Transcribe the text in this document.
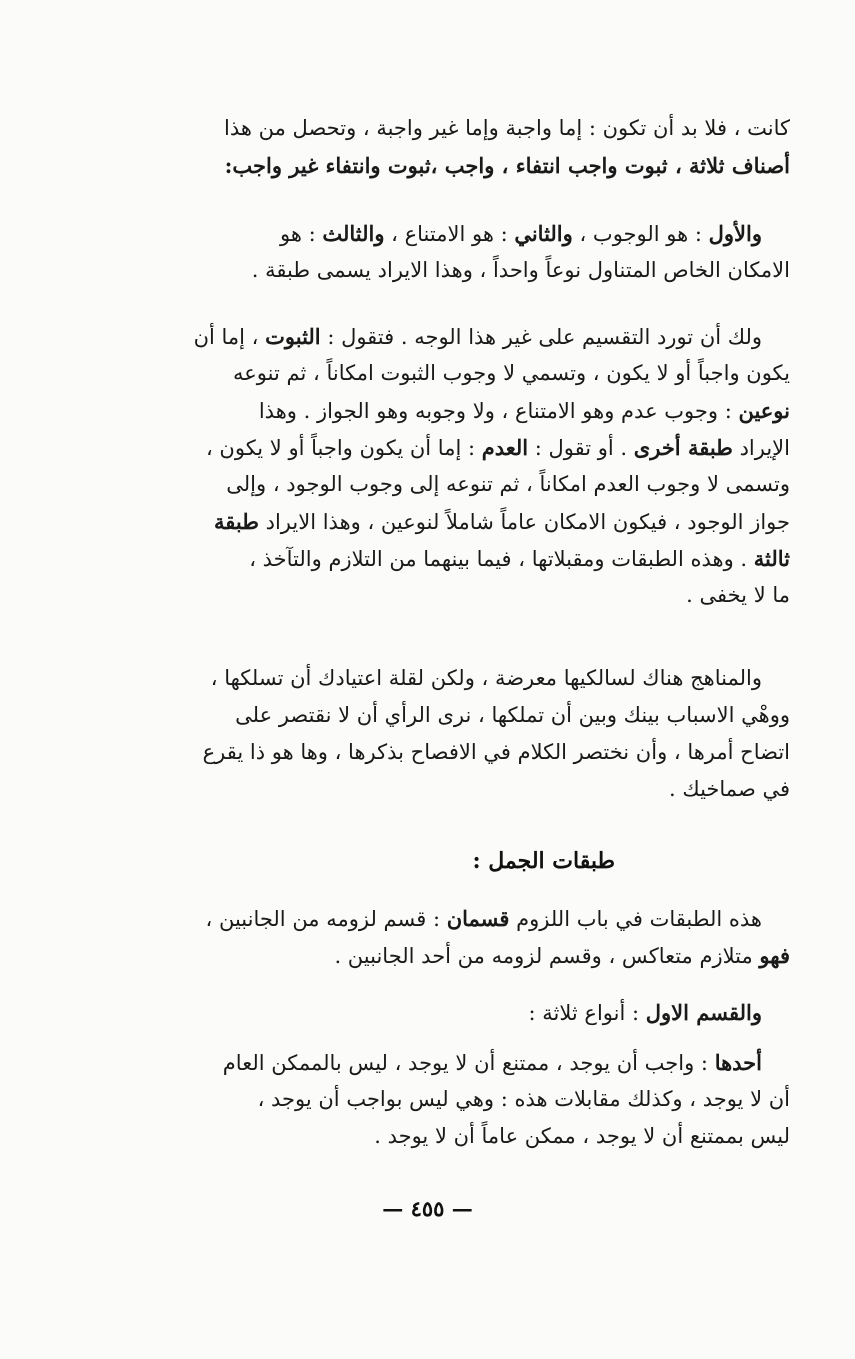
كانت ، فلا بد أن تكون : إما واجبة وإما غير واجبة ، وتحصل من هذا
أصناف ثلاثة ، ثبوت واجب انتفاء ، واجب ،ثبوت وانتفاء غير واجب:
والأول : هو الوجوب ، والثاني : هو الامتناع ، والثالث : هو
الامكان الخاص المتناول نوعاً واحداً ، وهذا الايراد يسمى طبقة .
ولك أن تورد التقسيم على غير هذا الوجه . فتقول : الثبوت ، إما أن
يكون واجباً أو لا يكون ، وتسمي لا وجوب الثبوت امكاناً ، ثم تنوعه
نوعين : وجوب عدم وهو الامتناع ، ولا وجوبه وهو الجواز . وهذا
الإيراد طبقة أخرى . أو تقول : العدم : إما أن يكون واجباً أو لا يكون ،
وتسمى لا وجوب العدم امكاناً ، ثم تنوعه إلى وجوب الوجود ، وإلى
جواز الوجود ، فيكون الامكان عاماً شاملاً لنوعين ، وهذا الايراد طبقة
ثالثة . وهذه الطبقات ومقبلاتها ، فيما بينهما من التلازم والتآخذ ،
ما لا يخفى .
والمناهج هناك لسالكيها معرضة ، ولكن لقلة اعتيادك أن تسلكها ،
ووهْي الاسباب بينك وبين أن تملكها ، نرى الرأي أن لا نقتصر على
اتضاح أمرها ، وأن نختصر الكلام في الافصاح بذكرها ، وها هو ذا يقرع
في صماخيك .
طبقات الجمل :
هذه الطبقات في باب اللزوم قسمان : قسم لزومه من الجانبين ،
فهو متلازم متعاكس ، وقسم لزومه من أحد الجانبين .
والقسم الاول : أنواع ثلاثة :
أحدها : واجب أن يوجد ، ممتنع أن لا يوجد ، ليس بالممكن العام
أن لا يوجد ، وكذلك مقابلات هذه : وهي ليس بواجب أن يوجد ،
ليس بممتنع أن لا يوجد ، ممكن عاماً أن لا يوجد .
— ٤٥٥ —
